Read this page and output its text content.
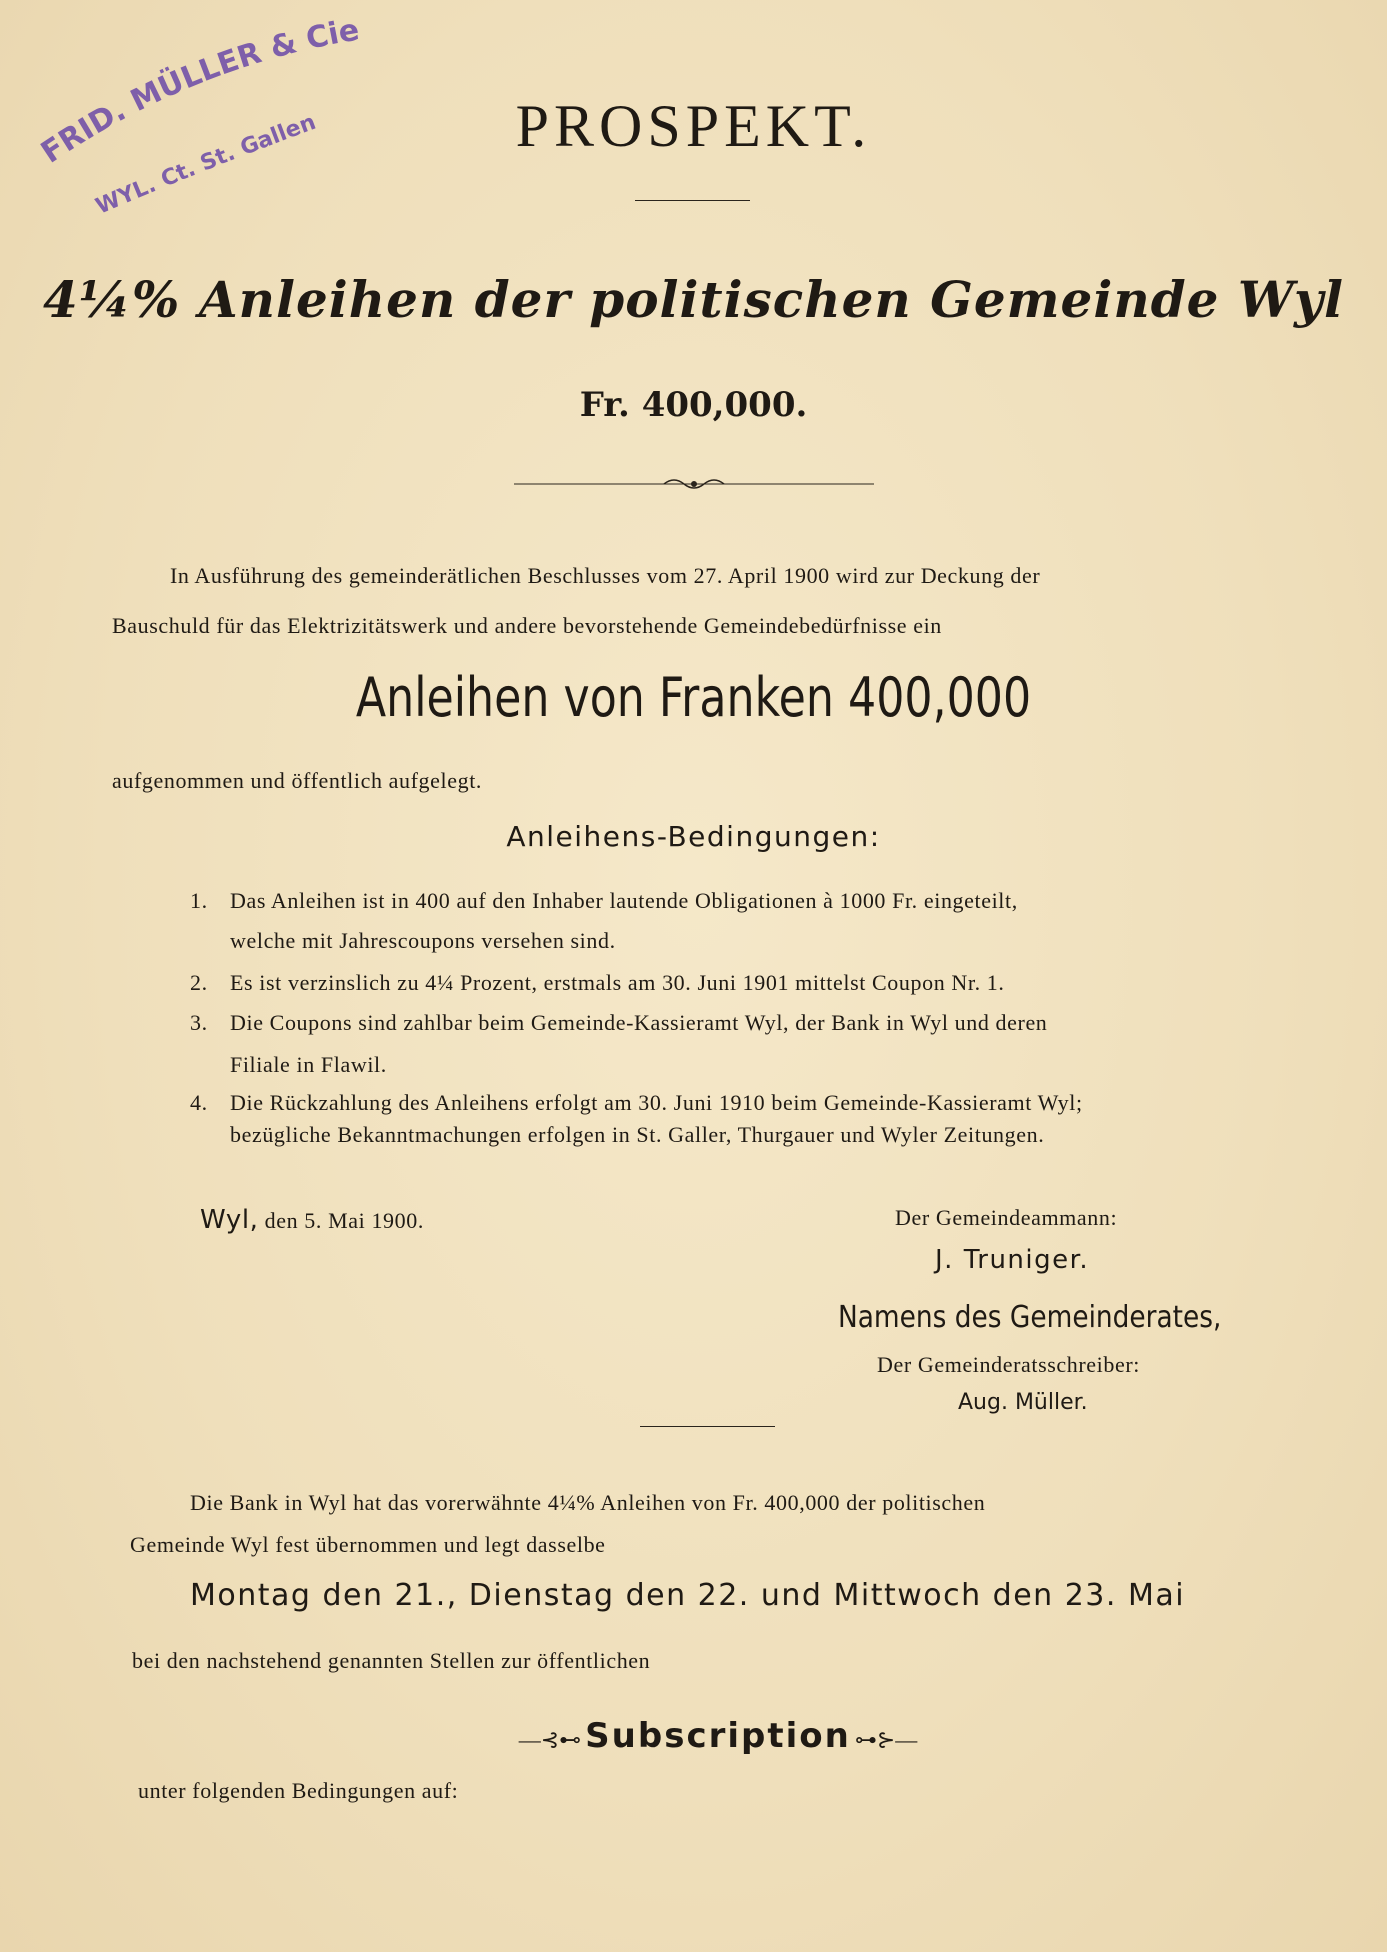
RID. MÜLLER & Cie
WYL. Ct. St. Gallen	PROSPEKT.
4¼% Anleihen der politischen Gemeinde Wyl
Fr. 400,000.
In Ausführung des gemeinderätlichen Beschlusses vom 27. April 1900 wird zur Deckung der
Bauschuld für das Elektrizitätswerk und andere bevorstehende Gemeindebedürfnisse ein
Anleihen von Franken 400,000
aufgenommen und öffentlich aufgelegt.
Anleihens-Bedingungen:
1. Das Anleihen ist in 400 auf den Inhaber lautende Obligationen à 1000 Fr. eingeteilt,
welche mit Jahrescoupons versehen sind.
2. Es ist verzinslich zu 4¼ Prozent, erstmals am 30. Juni 1901 mittelst Coupon Nr. 1.
3. Die Coupons sind zahlbar beim Gemeinde-Kassieramt Wyl, der Bank in Wyl und deren
Filiale in Flawil.
4. Die Rückzahlung des Anleihens erfolgt am 30. Juni 1910 beim Gemeinde-Kassieramt Wyl;
bezügliche Bekanntmachungen erfolgen in St. Galler, Thurgauer und Wyler Zeitungen.
Wyl, den 5. Mai 1900.	Der Gemeindeammann:
J. Truniger.
Namens des Gemeinderates,
Der Gemeinderatsschreiber:
Aug. Müller.
Die Bank in Wyl hat das vorerwähnte 4¼% Anleihen von Fr. 400,000 der politischen
Gemeinde Wyl fest übernommen und legt dasselbe
Montag den 21., Dienstag den 22. und Mittwoch den 23. Mai
bei den nachstehend genannten Stellen zur öffentlichen
—⊰⊷ Subscription ⊶⊱—
unter folgenden Bedingungen auf:
